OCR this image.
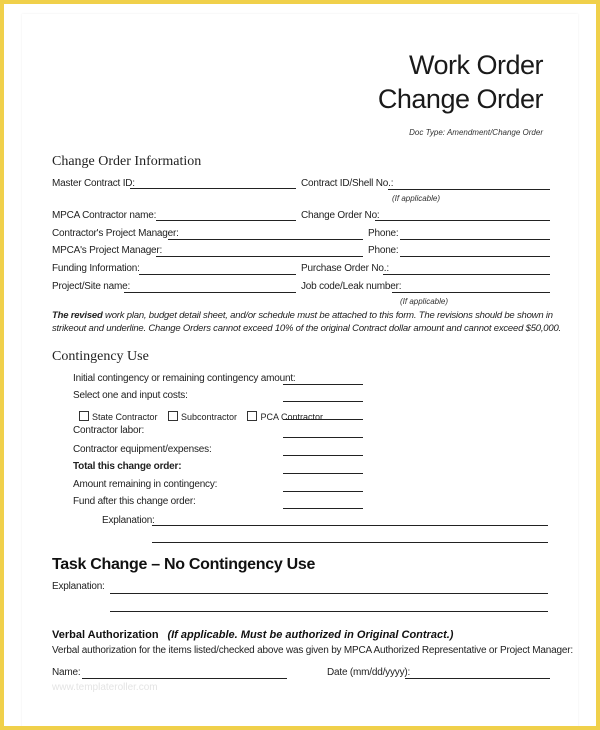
Work Order
Change Order
Doc Type: Amendment/Change Order
Change Order Information
Master Contract ID:	Contract ID/Shell No.:
(If applicable)
MPCA Contractor name:	Change Order No:
Contractor's Project Manager:	Phone:
MPCA's Project Manager:	Phone:
Funding Information:	Purchase Order No.:
Project/Site name:	Job code/Leak number:
(If applicable)
The revised work plan, budget detail sheet, and/or schedule must be attached to this form. The revisions should be shown in
strikeout and underline. Change Orders cannot exceed 10% of the original Contract dollar amount and cannot exceed $50,000.
Contingency Use
Initial contingency or remaining contingency amount:
Select one and input costs:
State Contractor	Subcontractor	PCA Contractor
Contractor labor:
Contractor equipment/expenses:
Total this change order:
Amount remaining in contingency:
Fund after this change order:
Explanation:
Task Change – No Contingency Use
Explanation:
Verbal Authorization (If applicable. Must be authorized in Original Contract.)
Verbal authorization for the items listed/checked above was given by MPCA Authorized Representative or Project Manager:
Name:	Date (mm/dd/yyyy):
www.templateroller.com
